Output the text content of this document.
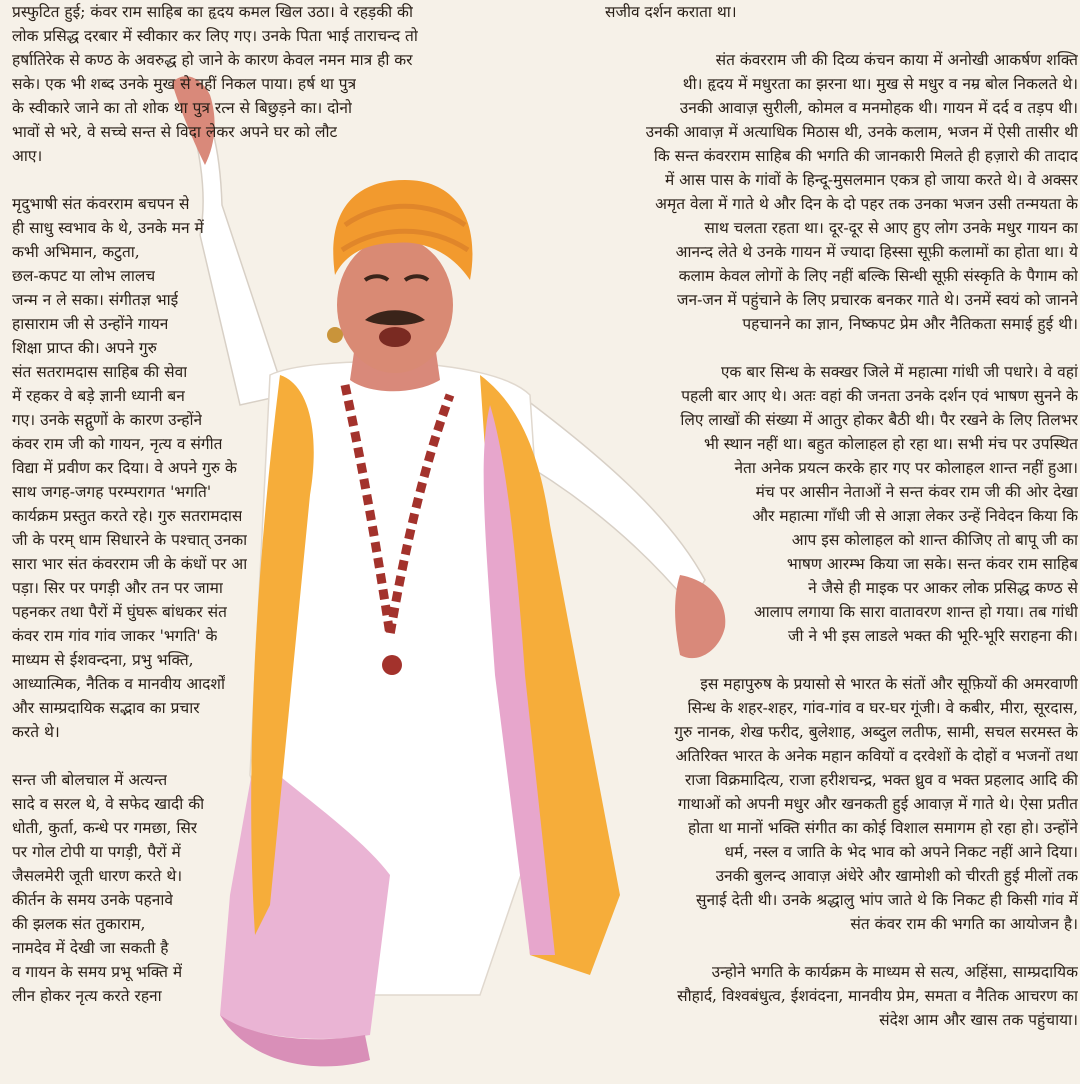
प्रस्फुटित हुई; कंवर राम साहिब का हृदय कमल खिल उठा। वे रहड़की की
लोक प्रसिद्ध दरबार में स्वीकार कर लिए गए। उनके पिता भाई ताराचन्द तो
हर्षातिरेक से कण्ठ के अवरुद्ध हो जाने के कारण केवल नमन मात्र ही कर
सके। एक भी शब्द उनके मुख से नहीं निकल पाया। हर्ष था पुत्र
के स्वीकारे जाने का तो शोक था पुत्र रत्न से बिछुड़ने का। दोनो
भावों से भरे, वे सच्चे सन्त से विदा लेकर अपने घर को लौट
आए।
मृदुभाषी संत कंवरराम बचपन से
ही साधु स्वभाव के थे, उनके मन में
कभी अभिमान, कटुता,
छल-कपट या लोभ लालच
जन्म न ले सका। संगीतज्ञ भाई
हासाराम जी से उन्होंने गायन
शिक्षा प्राप्त की। अपने गुरु
संत सतरामदास साहिब की सेवा
में रहकर वे बड़े ज्ञानी ध्यानी बन
गए। उनके सद्गुणों के कारण उन्होंने
कंवर राम जी को गायन, नृत्य व संगीत
विद्या में प्रवीण कर दिया। वे अपने गुरु के
साथ जगह-जगह परम्परागत 'भगति'
कार्यक्रम प्रस्तुत करते रहे। गुरु सतरामदास
जी के परम् धाम सिधारने के पश्चात् उनका
सारा भार संत कंवरराम जी के कंधों पर आ
पड़ा। सिर पर पगड़ी और तन पर जामा
पहनकर तथा पैरों में घुंघरू बांधकर संत
कंवर राम गांव गांव जाकर 'भगति' के
माध्यम से ईशवन्दना, प्रभु भक्ति,
आध्यात्मिक, नैतिक व मानवीय आदर्शों
और साम्प्रदायिक सद्भाव का प्रचार
करते थे।
सन्त जी बोलचाल में अत्यन्त
सादे व सरल थे, वे सफेद खादी की
धोती, कुर्ता, कन्धे पर गमछा, सिर
पर गोल टोपी या पगड़ी, पैरों में
जैसलमेरी जूती धारण करते थे।
कीर्तन के समय उनके पहनावे
की झलक संत तुकाराम,
नामदेव में देखी जा सकती है
व गायन के समय प्रभू भक्ति में
लीन होकर नृत्य करते रहना
सजीव दर्शन कराता था।
संत कंवरराम जी की दिव्य कंचन काया में अनोखी आकर्षण शक्ति
थी। हृदय में मधुरता का झरना था। मुख से मधुर व नम्र बोल निकलते थे।
उनकी आवाज़ सुरीली, कोमल व मनमोहक थी। गायन में दर्द व तड़प थी।
उनकी आवाज़ में अत्याधिक मिठास थी, उनके कलाम, भजन में ऐसी तासीर थी
कि सन्त कंवरराम साहिब की भगति की जानकारी मिलते ही हज़ारो की तादाद
में आस पास के गांवों के हिन्दू-मुसलमान एकत्र हो जाया करते थे। वे अक्सर
अमृत वेला में गाते थे और दिन के दो पहर तक उनका भजन उसी तन्मयता के
साथ चलता रहता था। दूर-दूर से आए हुए लोग उनके मधुर गायन का
आनन्द लेते थे उनके गायन में ज्यादा हिस्सा सूफ़ी कलामों का होता था। ये
कलाम केवल लोगों के लिए नहीं बल्कि सिन्धी सूफ़ी संस्कृति के पैगाम को
जन-जन में पहुंचाने के लिए प्रचारक बनकर गाते थे। उनमें स्वयं को जानने
पहचानने का ज्ञान, निष्कपट प्रेम और नैतिकता समाई हुई थी।
एक बार सिन्ध के सक्खर जिले में महात्मा गांधी जी पधारे। वे वहां
पहली बार आए थे। अतः वहां की जनता उनके दर्शन एवं भाषण सुनने के
लिए लाखों की संख्या में आतुर होकर बैठी थी। पैर रखने के लिए तिलभर
भी स्थान नहीं था। बहुत कोलाहल हो रहा था। सभी मंच पर उपस्थित
नेता अनेक प्रयत्न करके हार गए पर कोलाहल शान्त नहीं हुआ।
मंच पर आसीन नेताओं ने सन्त कंवर राम जी की ओर देखा
और महात्मा गाँधी जी से आज्ञा लेकर उन्हें निवेदन किया कि
आप इस कोलाहल को शान्त कीजिए तो बापू जी का
भाषण आरम्भ किया जा सके। सन्त कंवर राम साहिब
ने जैसे ही माइक पर आकर लोक प्रसिद्ध कण्ठ से
आलाप लगाया कि सारा वातावरण शान्त हो गया। तब गांधी
जी ने भी इस लाडले भक्त की भूरि-भूरि सराहना की।
इस महापुरुष के प्रयासो से भारत के संतों और सूफ़ियों की अमरवाणी
सिन्ध के शहर-शहर, गांव-गांव व घर-घर गूंजी। वे कबीर, मीरा, सूरदास,
गुरु नानक, शेख फरीद, बुलेशाह, अब्दुल लतीफ, सामी, सचल सरमस्त के
अतिरिक्त भारत के अनेक महान कवियों व दरवेशों के दोहों व भजनों तथा
राजा विक्रमादित्य, राजा हरीशचन्द्र, भक्त ध्रुव व भक्त प्रहलाद आदि की
गाथाओं को अपनी मधुर और खनकती हुई आवाज़ में गाते थे। ऐसा प्रतीत
होता था मानों भक्ति संगीत का कोई विशाल समागम हो रहा हो। उन्होंने
धर्म, नस्ल व जाति के भेद भाव को अपने निकट नहीं आने दिया।
उनकी बुलन्द आवाज़ अंधेरे और खामोशी को चीरती हुई मीलों तक
सुनाई देती थी। उनके श्रद्धालु भांप जाते थे कि निकट ही किसी गांव में
संत कंवर राम की भगति का आयोजन है।
उन्होने भगति के कार्यक्रम के माध्यम से सत्य, अहिंसा, साम्प्रदायिक
सौहार्द, विश्वबंधुत्व, ईशवंदना, मानवीय प्रेम, समता व नैतिक आचरण का
संदेश आम और खास तक पहुंचाया।
